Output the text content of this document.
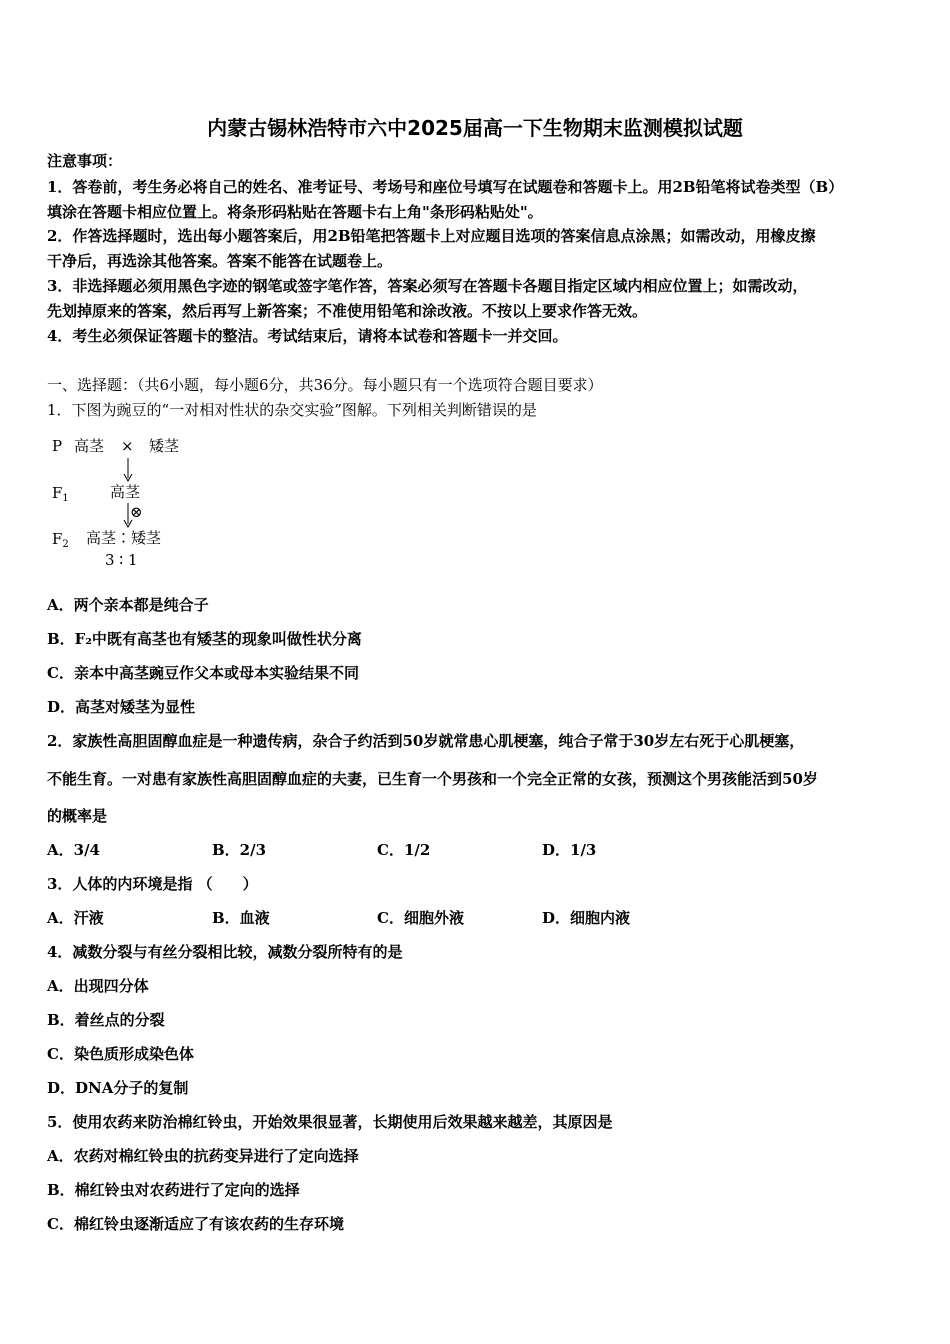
内蒙古锡林浩特市六中2025届高一下生物期末监测模拟试题
注意事项：
1．答卷前，考生务必将自己的姓名、准考证号、考场号和座位号填写在试题卷和答题卡上。用2B铅笔将试卷类型（B）
填涂在答题卡相应位置上。将条形码粘贴在答题卡右上角"条形码粘贴处"。
2．作答选择题时，选出每小题答案后，用2B铅笔把答题卡上对应题目选项的答案信息点涂黑；如需改动，用橡皮擦
干净后，再选涂其他答案。答案不能答在试题卷上。
3．非选择题必须用黑色字迹的钢笔或签字笔作答，答案必须写在答题卡各题目指定区域内相应位置上；如需改动，
先划掉原来的答案，然后再写上新答案；不准使用铅笔和涂改液。不按以上要求作答无效。
4．考生必须保证答题卡的整洁。考试结束后，请将本试卷和答题卡一并交回。
一、选择题：（共6小题，每小题6分，共36分。每小题只有一个选项符合题目要求）
1．下图为豌豆的“一对相对性状的杂交实验”图解。下列相关判断错误的是
P 高茎 × 矮茎
$F_1$	高茎
⊗
$F_2$ 高茎∶矮茎
3 ∶ 1
A．两个亲本都是纯合子
B．F₂中既有高茎也有矮茎的现象叫做性状分离
C．亲本中高茎豌豆作父本或母本实验结果不同
D．高茎对矮茎为显性
2．家族性高胆固醇血症是一种遗传病，杂合子约活到50岁就常患心肌梗塞，纯合子常于30岁左右死于心肌梗塞，
不能生育。一对患有家族性高胆固醇血症的夫妻，已生育一个男孩和一个完全正常的女孩，预测这个男孩能活到50岁
的概率是
A．3/4	B．2/3	C．1/2	D．1/3
3．人体的内环境是指 （　　）
A．汗液	B．血液	C．细胞外液	D．细胞内液
4．减数分裂与有丝分裂相比较，减数分裂所特有的是
A．出现四分体
B．着丝点的分裂
C．染色质形成染色体
D．DNA分子的复制
5．使用农药来防治棉红铃虫，开始效果很显著，长期使用后效果越来越差，其原因是
A．农药对棉红铃虫的抗药变异进行了定向选择
B．棉红铃虫对农药进行了定向的选择
C．棉红铃虫逐渐适应了有该农药的生存环境
